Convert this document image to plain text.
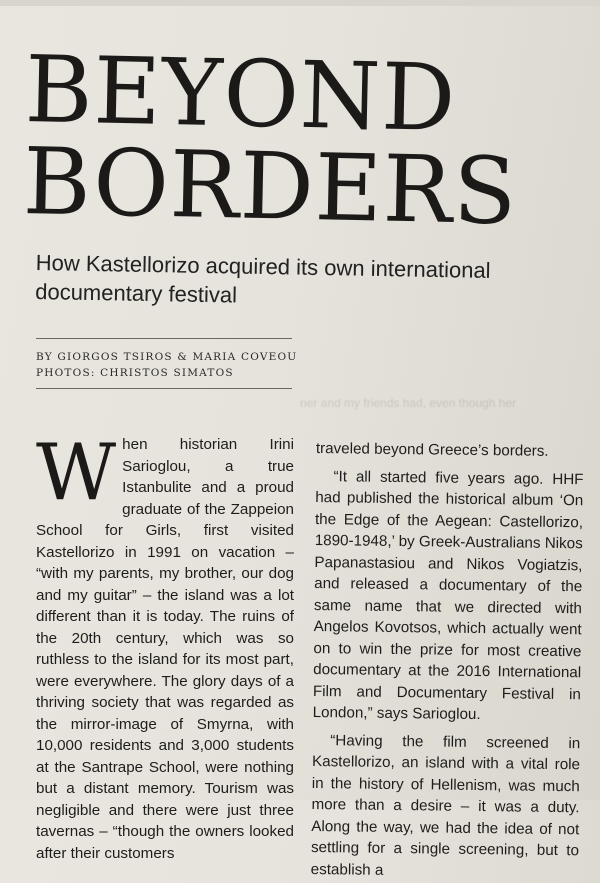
BEYOND
BORDERS

How Kastellorizo acquired its own international documentary festival

BY GIORGOS TSIROS & MARIA COVEOU
PHOTOS: CHRISTOS SIMATOS
ner and my friends had, even though her
W hen historian Irini Sarioglou, a true Istanbulite and a proud graduate of the Zappeion School for Girls, first visited Kastellorizo in 1991 on vacation – “with my parents, my brother, our dog and my guitar” – the island was a lot different than it is today. The ruins of the 20th century, which was so ruthless to the island for its most part, were everywhere. The glory days of a thriving society that was regarded as the mirror-image of Smyrna, with 10,000 residents and 3,000 students at the Santrape School, were nothing but a distant memory. Tourism was negligible and there were just three tavernas – “though the owners looked after their customers

traveled beyond Greece’s borders.

“It all started five years ago. HHF had published the historical album ‘On the Edge of the Aegean: Castellorizo, 1890-1948,’ by Greek-Australians Nikos Papanastasiou and Nikos Vogiatzis, and released a documentary of the same name that we directed with Angelos Kovotsos, which actually went on to win the prize for most creative documentary at the 2016 International Film and Documentary Festival in London,” says Sarioglou.

“Having the film screened in Kastellorizo, an island with a vital role in the history of Hellenism, was much more than a desire – it was a duty. Along the way, we had the idea of not settling for a single screening, but to establish a
